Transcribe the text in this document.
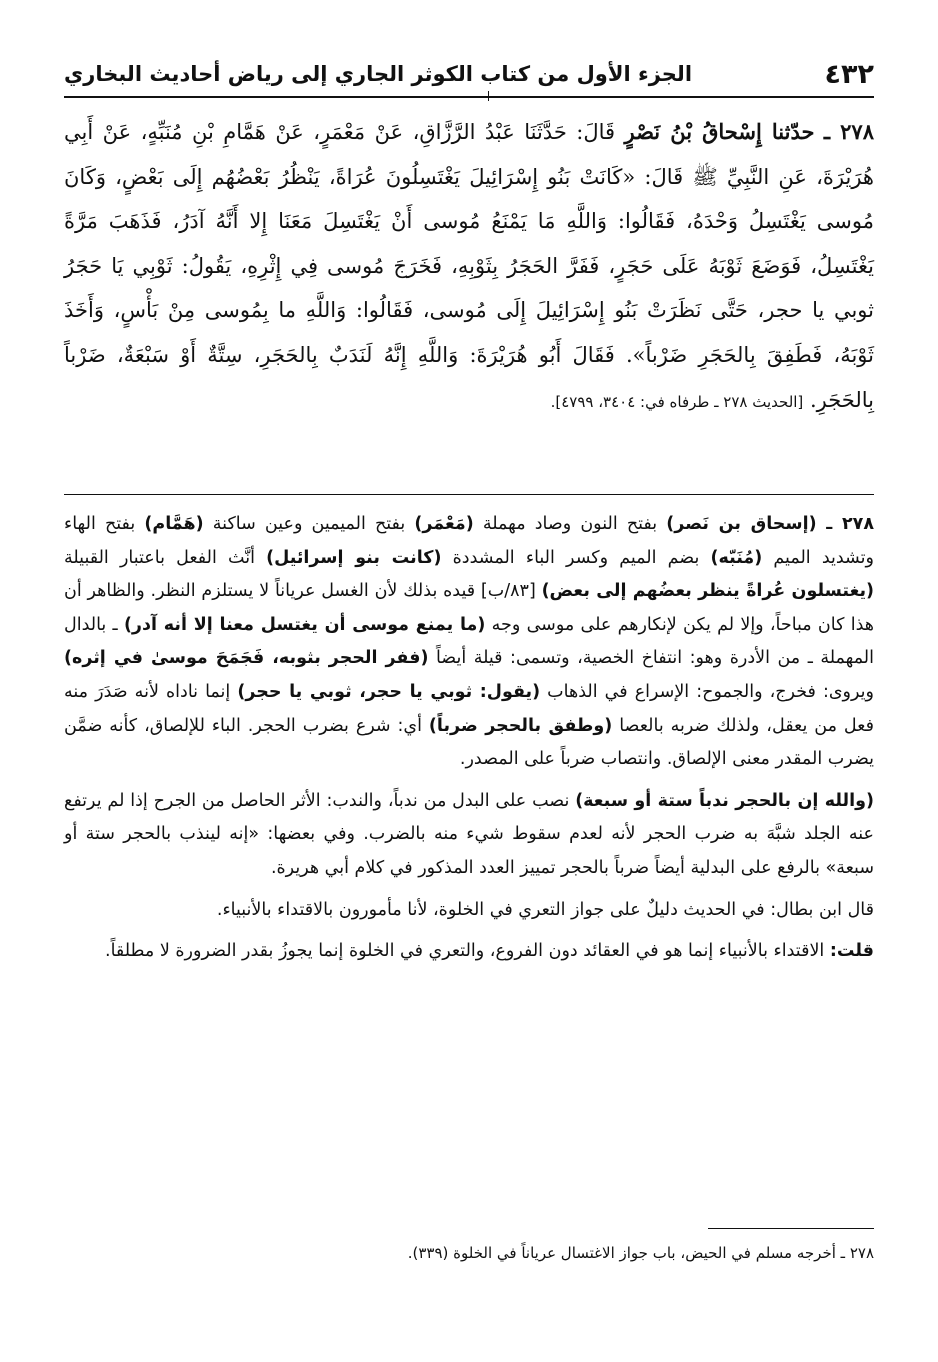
٤٣٢
الجزء الأول من كتاب الكوثر الجاري إلى رياض أحاديث البخاري
٢٧٨ ـ حدّثنا إِسْحاقُ بْنُ نَصْرٍ قَالَ: حَدَّثَنَا عَبْدُ الرَّزَّاقِ، عَنْ مَعْمَرٍ، عَنْ هَمَّامِ بْنِ مُنَبِّهٍ، عَنْ أَبِي هُرَيْرَةَ، عَنِ النَّبِيِّ ﷺ قَالَ: «كَانَتْ بَنُو إِسْرَائِيلَ يَغْتَسِلُونَ عُرَاةً، يَنْظُرُ بَعْضُهُم إِلَى بَعْضٍ، وَكَانَ مُوسى يَغْتَسِلُ وَحْدَهُ، فَقَالُوا: وَاللَّهِ مَا يَمْنَعُ مُوسى أَنْ يَغْتَسِلَ مَعَنَا إِلا أَنَّهُ آدَرُ، فَذَهَبَ مَرَّةً يَغْتَسِلُ، فَوَضَعَ ثَوْبَهُ عَلَى حَجَرٍ، فَفَرَّ الحَجَرُ بِثَوْبِهِ، فَخَرَجَ مُوسى فِي إِثْرِهِ، يَقُولُ: ثَوْبِي يَا حَجَرُ ثوبي يا حجر، حَتَّى نَظَرَتْ بَنُو إِسْرَائِيلَ إِلَى مُوسى، فَقَالُوا: وَاللَّهِ ما بِمُوسى مِنْ بَأْسٍ، وَأَخَذَ ثَوْبَهُ، فَطَفِقَ بِالحَجَرِ ضَرْباً». فَقَالَ أَبُو هُرَيْرَةَ: وَاللَّهِ إِنَّهُ لَنَدَبٌ بِالحَجَرِ، سِتَّةٌ أَوْ سَبْعَةٌ، ضَرْباً بِالحَجَرِ. [الحديث ٢٧٨ ـ طرفاه في: ٣٤٠٤، ٤٧٩٩].

٢٧٨ ـ (إسحاق بن نَصر) بفتح النون وصاد مهملة (مَعْمَر) بفتح الميمين وعين ساكنة (هَمَّام) بفتح الهاء وتشديد الميم (مُنَبّه) بضم الميم وكسر الباء المشددة (كانت بنو إسرائيل) أنَّث الفعل باعتبار القبيلة (يغتسلون عُراةً ينظر بعضُهم إلى بعض) [٨٣/ب] قيده بذلك لأن الغسل عرياناً لا يستلزم النظر. والظاهر أن هذا كان مباحاً، وإلا لم يكن لإنكارهم على موسى وجه (ما يمنع موسى أن يغتسل معنا إلا أنه آدر) ـ بالدال المهملة ـ من الأدرة وهو: انتفاخ الخصية، وتسمى: قيلة أيضاً (ففر الحجر بثوبه، فَجَمَحَ موسىٰ في إثره) ويروى: فخرج، والجموح: الإسراع في الذهاب (يقول: ثوبي يا حجر، ثوبي يا حجر) إنما ناداه لأنه صَدَرَ منه فعل من يعقل، ولذلك ضربه بالعصا (وطفق بالحجر ضرباً) أي: شرع بضرب الحجر. الباء للإلصاق، كأنه ضمَّن يضرب المقدر معنى الإلصاق. وانتصاب ضرباً على المصدر.

(والله إن بالحجر ندباً ستة أو سبعة) نصب على البدل من ندباً، والندب: الأثر الحاصل من الجرح إذا لم يرتفع عنه الجلد شبَّهَ به ضرب الحجر لأنه لعدم سقوط شيء منه بالضرب. وفي بعضها: «إنه لينذب بالحجر ستة أو سبعة» بالرفع على البدلية أيضاً ضرباً بالحجر تمييز العدد المذكور في كلام أبي هريرة.

قال ابن بطال: في الحديث دليلٌ على جواز التعري في الخلوة، لأنا مأمورون بالاقتداء بالأنبياء.

قلت: الاقتداء بالأنبياء إنما هو في العقائد دون الفروع، والتعري في الخلوة إنما يجوزُ بقدر الضرورة لا مطلقاً.

٢٧٨ ـ أخرجه مسلم في الحيض، باب جواز الاغتسال عرياناً في الخلوة (٣٣٩).
